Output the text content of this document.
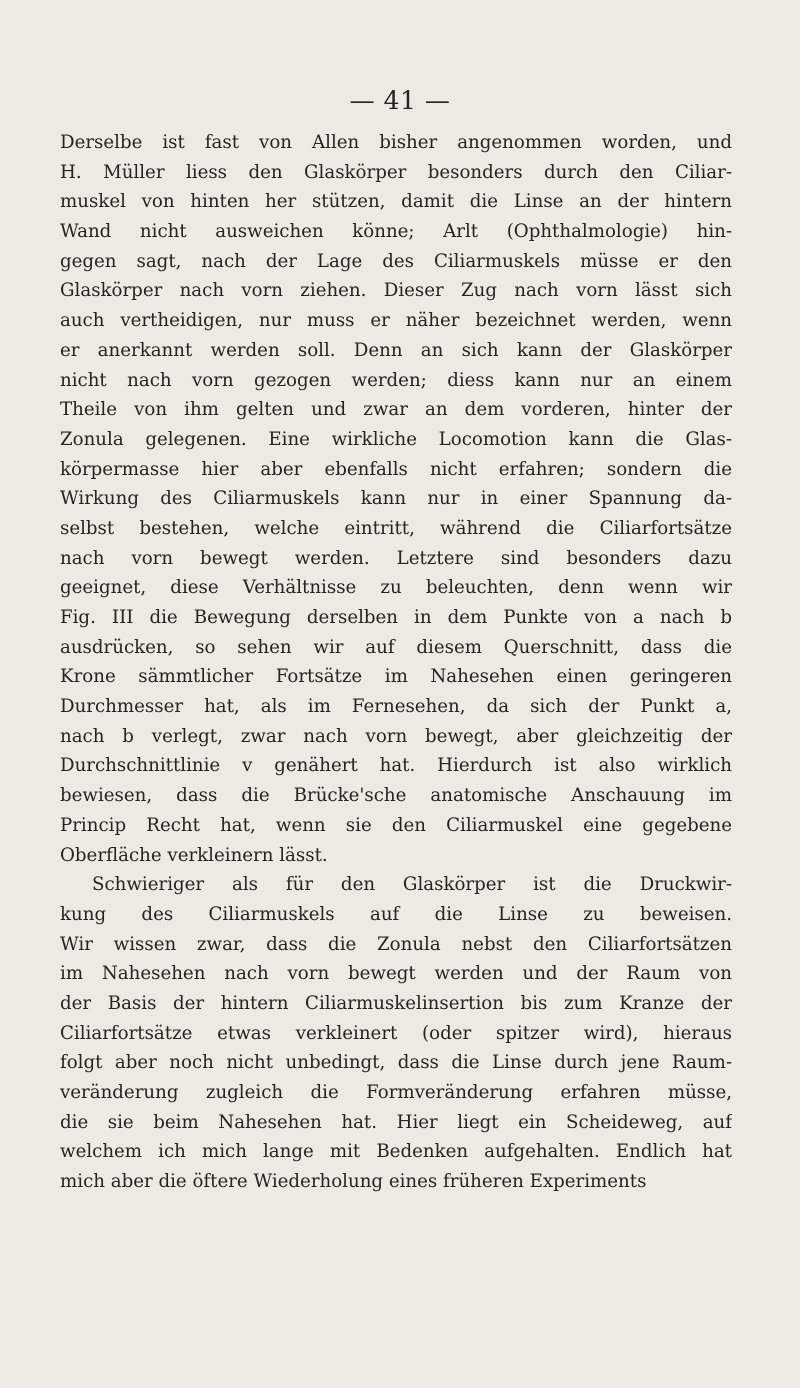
— 41 —
Derselbe ist fast von Allen bisher angenommen worden, und
H. Müller liess den Glaskörper besonders durch den Ciliar-
muskel von hinten her stützen, damit die Linse an der hintern
Wand nicht ausweichen könne; Arlt (Ophthalmologie) hin-
gegen sagt, nach der Lage des Ciliarmuskels müsse er den
Glaskörper nach vorn ziehen. Dieser Zug nach vorn lässt sich
auch vertheidigen, nur muss er näher bezeichnet werden, wenn
er anerkannt werden soll. Denn an sich kann der Glaskörper
nicht nach vorn gezogen werden; diess kann nur an einem
Theile von ihm gelten und zwar an dem vorderen, hinter der
Zonula gelegenen. Eine wirkliche Locomotion kann die Glas-
körpermasse hier aber ebenfalls nicht erfahren; sondern die
Wirkung des Ciliarmuskels kann nur in einer Spannung da-
selbst bestehen, welche eintritt, während die Ciliarfortsätze
nach vorn bewegt werden. Letztere sind besonders dazu
geeignet, diese Verhältnisse zu beleuchten, denn wenn wir
Fig. III die Bewegung derselben in dem Punkte von a nach b
ausdrücken, so sehen wir auf diesem Querschnitt, dass die
Krone sämmtlicher Fortsätze im Nahesehen einen geringeren
Durchmesser hat, als im Fernesehen, da sich der Punkt a,
nach b verlegt, zwar nach vorn bewegt, aber gleichzeitig der
Durchschnittlinie v genähert hat. Hierdurch ist also wirklich
bewiesen, dass die Brücke'sche anatomische Anschauung im
Princip Recht hat, wenn sie den Ciliarmuskel eine gegebene
Oberfläche verkleinern lässt.
Schwieriger als für den Glaskörper ist die Druckwir-
kung des Ciliarmuskels auf die Linse zu beweisen.
Wir wissen zwar, dass die Zonula nebst den Ciliarfortsätzen
im Nahesehen nach vorn bewegt werden und der Raum von
der Basis der hintern Ciliarmuskelinsertion bis zum Kranze der
Ciliarfortsätze etwas verkleinert (oder spitzer wird), hieraus
folgt aber noch nicht unbedingt, dass die Linse durch jene Raum-
veränderung zugleich die Formveränderung erfahren müsse,
die sie beim Nahesehen hat. Hier liegt ein Scheideweg, auf
welchem ich mich lange mit Bedenken aufgehalten. Endlich hat
mich aber die öftere Wiederholung eines früheren Experiments
